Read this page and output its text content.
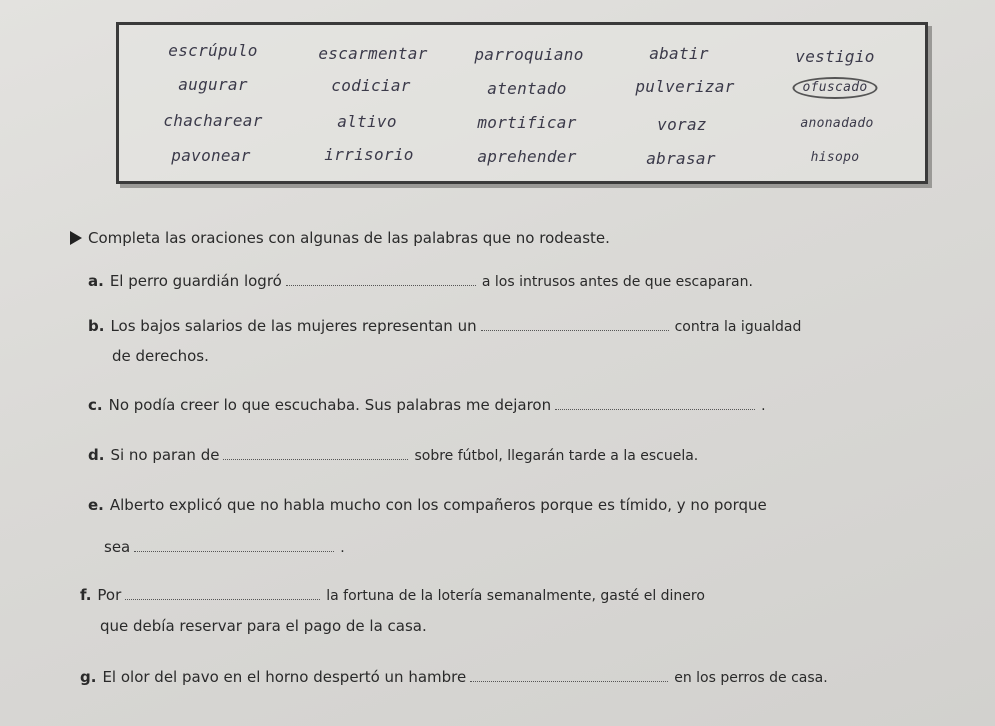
escrúpulo	escarmentar	parroquiano	abatir	vestigio
augurar	codiciar	atentado	pulverizar	ofuscado
chacharear	altivo	mortificar	voraz	anonadado
pavonear	irrisorio	aprehender	abrasar	hisopo
Completa las oraciones con algunas de las palabras que no rodeaste.
a. El perro guardián logró	a los intrusos antes de que escaparan.
b. Los bajos salarios de las mujeres representan un	contra la igualdad
de derechos.
c. No podía creer lo que escuchaba. Sus palabras me dejaron	.
d. Si no paran de	sobre fútbol, llegarán tarde a la escuela.
e. Alberto explicó que no habla mucho con los compañeros porque es tímido, y no porque
sea	.
f. Por	la fortuna de la lotería semanalmente, gasté el dinero
que debía reservar para el pago de la casa.
g. El olor del pavo en el horno despertó un hambre	en los perros de casa.
